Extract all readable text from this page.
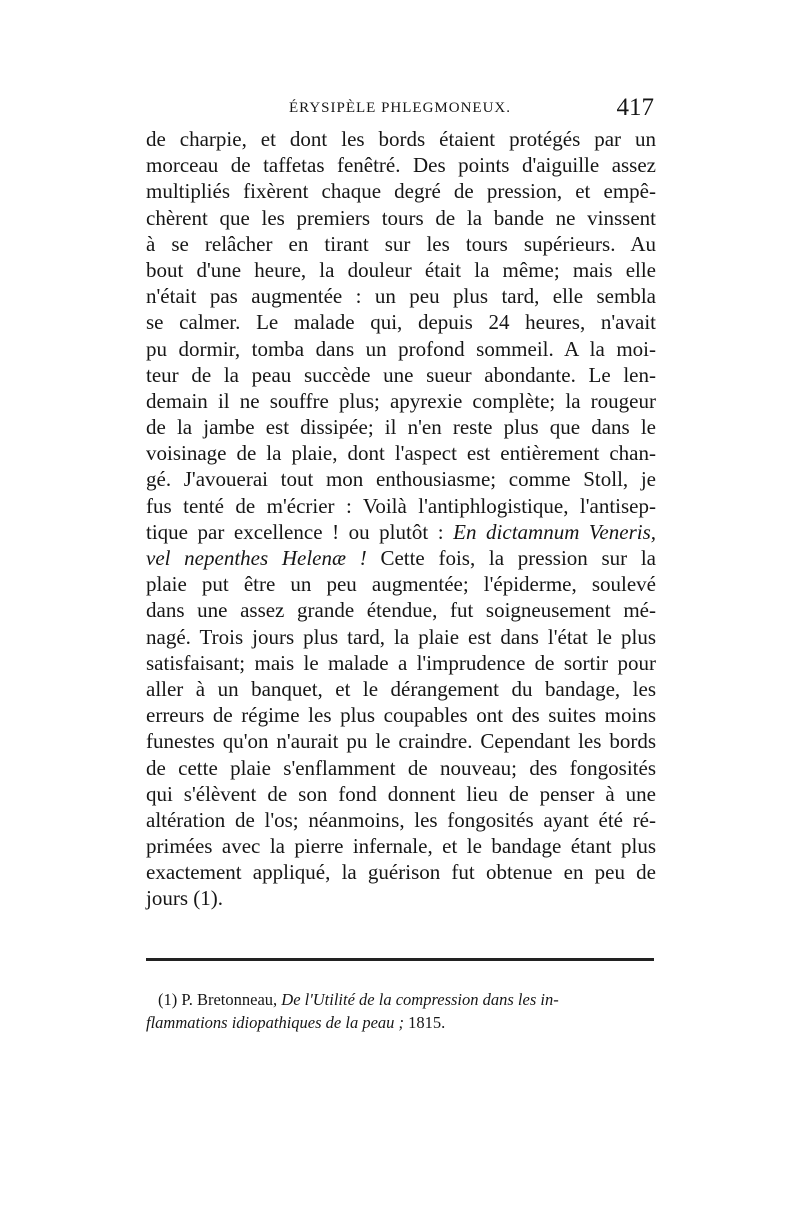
ÉRYSIPÈLE PHLEGMONEUX.	417
de charpie, et dont les bords étaient protégés par un
morceau de taffetas fenêtré. Des points d'aiguille assez
multipliés fixèrent chaque degré de pression, et empê-
chèrent que les premiers tours de la bande ne vinssent
à se relâcher en tirant sur les tours supérieurs. Au
bout d'une heure, la douleur était la même; mais elle
n'était pas augmentée : un peu plus tard, elle sembla
se calmer. Le malade qui, depuis 24 heures, n'avait
pu dormir, tomba dans un profond sommeil. A la moi-
teur de la peau succède une sueur abondante. Le len-
demain il ne souffre plus; apyrexie complète; la rougeur
de la jambe est dissipée; il n'en reste plus que dans le
voisinage de la plaie, dont l'aspect est entièrement chan-
gé. J'avouerai tout mon enthousiasme; comme Stoll, je
fus tenté de m'écrier : Voilà l'antiphlogistique, l'antisep-
tique par excellence ! ou plutôt : En dictamnum Veneris,
vel nepenthes Helenæ ! Cette fois, la pression sur la
plaie put être un peu augmentée; l'épiderme, soulevé
dans une assez grande étendue, fut soigneusement mé-
nagé. Trois jours plus tard, la plaie est dans l'état le plus
satisfaisant; mais le malade a l'imprudence de sortir pour
aller à un banquet, et le dérangement du bandage, les
erreurs de régime les plus coupables ont des suites moins
funestes qu'on n'aurait pu le craindre. Cependant les bords
de cette plaie s'enflamment de nouveau; des fongosités
qui s'élèvent de son fond donnent lieu de penser à une
altération de l'os; néanmoins, les fongosités ayant été ré-
primées avec la pierre infernale, et le bandage étant plus
exactement appliqué, la guérison fut obtenue en peu de
jours (1).
(1) P. Bretonneau, De l'Utilité de la compression dans les in-
flammations idiopathiques de la peau ; 1815.
